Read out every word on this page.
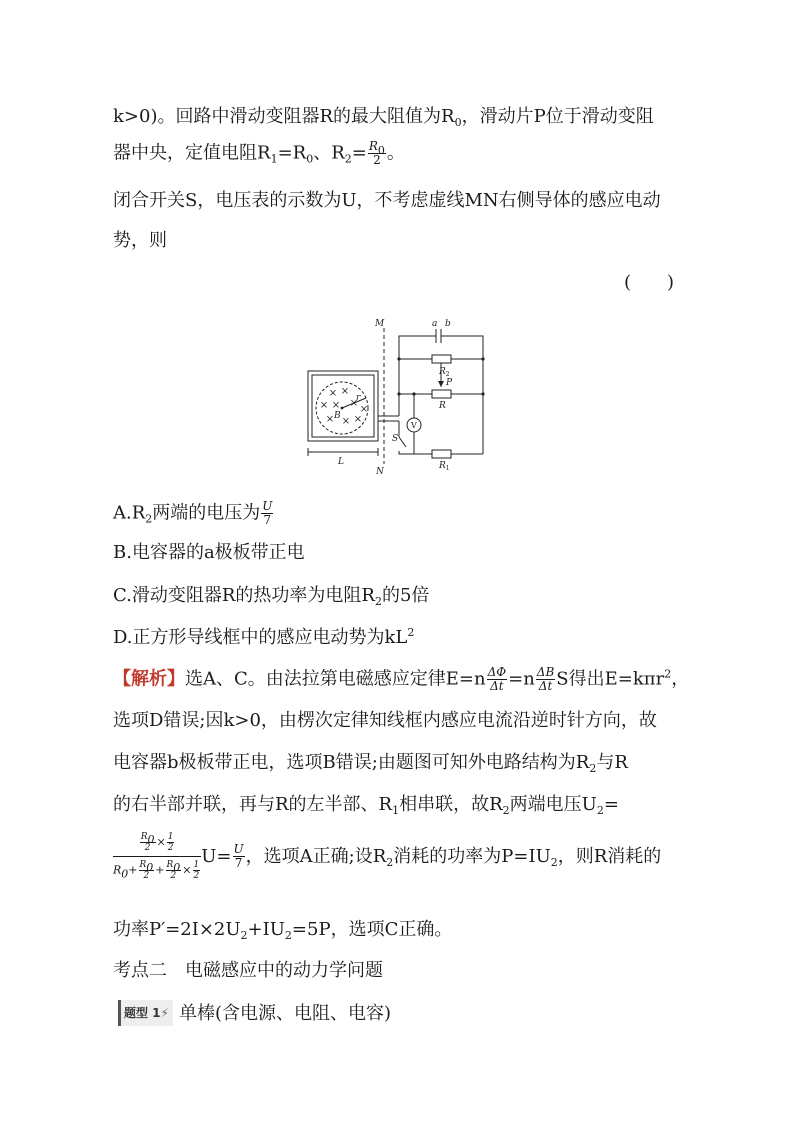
k>0)。回路中滑动变阻器R的最大阻值为$R_0$，滑动片P位于滑动变阻
器中央，定值电阻$R_1=R_0$、$R_2= \frac{R_0}{2}$ 。
闭合开关S，电压表的示数为U，不考虑虚线MN右侧导体的感应电动
势，则
(　　)
× ×
× × ×
×
× × ×
M
N
a b
$R_2$
P
R
V
S
$R_1$
L
B
r
$A.R_2$两端的电压为 $\frac{U}{7}$
B.电容器的a极板带正电
C.滑动变阻器R的热功率为电阻$R_2$的5倍
D.正方形导线框中的感应电动势为$kL^2$
【解析】选A、C。由法拉第电磁感应定律$E=n \frac{\Delta\Phi}{\Delta t} =n \frac{\Delta B}{\Delta t}$ S得出E=kπr$^2$，
选项D错误;因k>0，由楞次定律知线框内感应电流沿逆时针方向，故
电容器b极板带正电，选项B错误;由题图可知外电路结构为$R_2$与R
的右半部并联，再与R的左半部、$R_1$相串联，故$R_2$两端电压$U_2=$
$\frac{\frac{R_0}{2} \times \frac{1}{2}}{R_0+ \frac{R_0}{2} + \frac{R_0}{2} \times \frac{1}{2}} U= \frac{U}{7}$ ，选项A正确;设$R_2$消耗的功率为$P=IU_2$，则R消耗的
功率$P'=2I\times 2U_2+IU_2=5P$，选项C正确。
考点二　电磁感应中的动力学问题
题型 1⚡ 单棒(含电源、电阻、电容)
